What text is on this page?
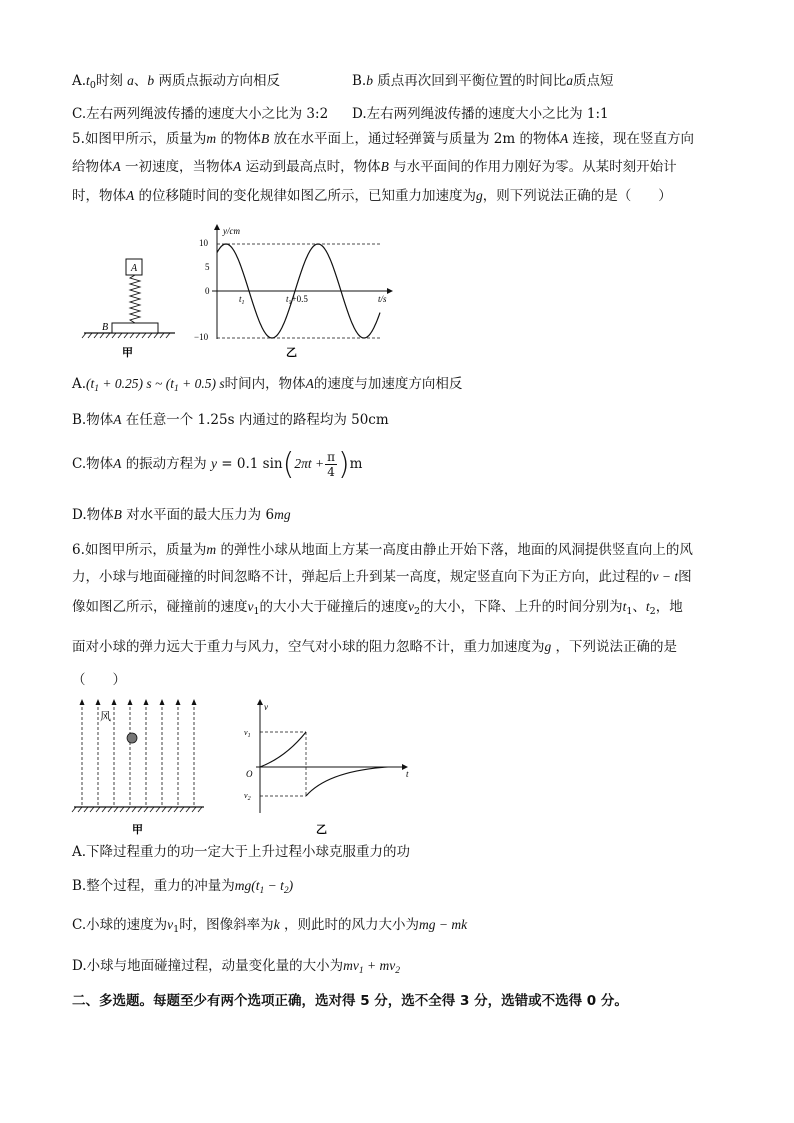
$A.t_0$时刻 a、b 两质点振动方向相反	B.b 质点再次回到平衡位置的时间比a质点短
C.左右两列绳波传播的速度大小之比为 3:2 D.左右两列绳波传播的速度大小之比为 1:1
5.如图甲所示，质量为m 的物体B 放在水平面上，通过轻弹簧与质量为 2m 的物体A 连接，现在竖直方向
给物体A 一初速度，当物体A 运动到最高点时，物体B 与水平面间的作用力刚好为零。从某时刻开始计
时，物体A 的位移随时间的变化规律如图乙所示，已知重力加速度为g，则下列说法正确的是（　　）
B
A
甲
y/cm
t/s
10
5
0
−10
$t_1$	$t_1+0.5$
乙
$A.(t_1 + 0.25)$ s ~ $(t_1 + 0.5)$ s时间内，物体A的速度与加速度方向相反
B.物体A 在任意一个 1.25s 内通过的路程均为 50cm
C.物体A 的振动方程为 y = 0.1 $\sin(2\pi t + \frac{\pi}{4} )m$
D.物体B 对水平面的最大压力为 6mg
6.如图甲所示，质量为m 的弹性小球从地面上方某一高度由静止开始下落，地面的风洞提供竖直向上的风
力，小球与地面碰撞的时间忽略不计，弹起后上升到某一高度，规定竖直向下为正方向，此过程的v − t图
像如图乙所示，碰撞前的速度$v_1$的大小大于碰撞后的速度$v_2$的大小，下降、上升的时间分别为$t_1$、$t_2$，地
面对小球的弹力远大于重力与风力，空气对小球的阻力忽略不计，重力加速度为g ，下列说法正确的是
（　　）
风
甲
v
t
O
$v_1$
$v_2$
乙
A.下降过程重力的功一定大于上升过程小球克服重力的功
B.整个过程，重力的冲量为$mg(t_1 - t_2)$
C.小球的速度为$v_1$时，图像斜率为k ，则此时的风力大小为mg − mk
D.小球与地面碰撞过程，动量变化量的大小为$mv_1 + mv_2$
二、多选题。每题至少有两个选项正确，选对得 5 分，选不全得 3 分，选错或不选得 0 分。
